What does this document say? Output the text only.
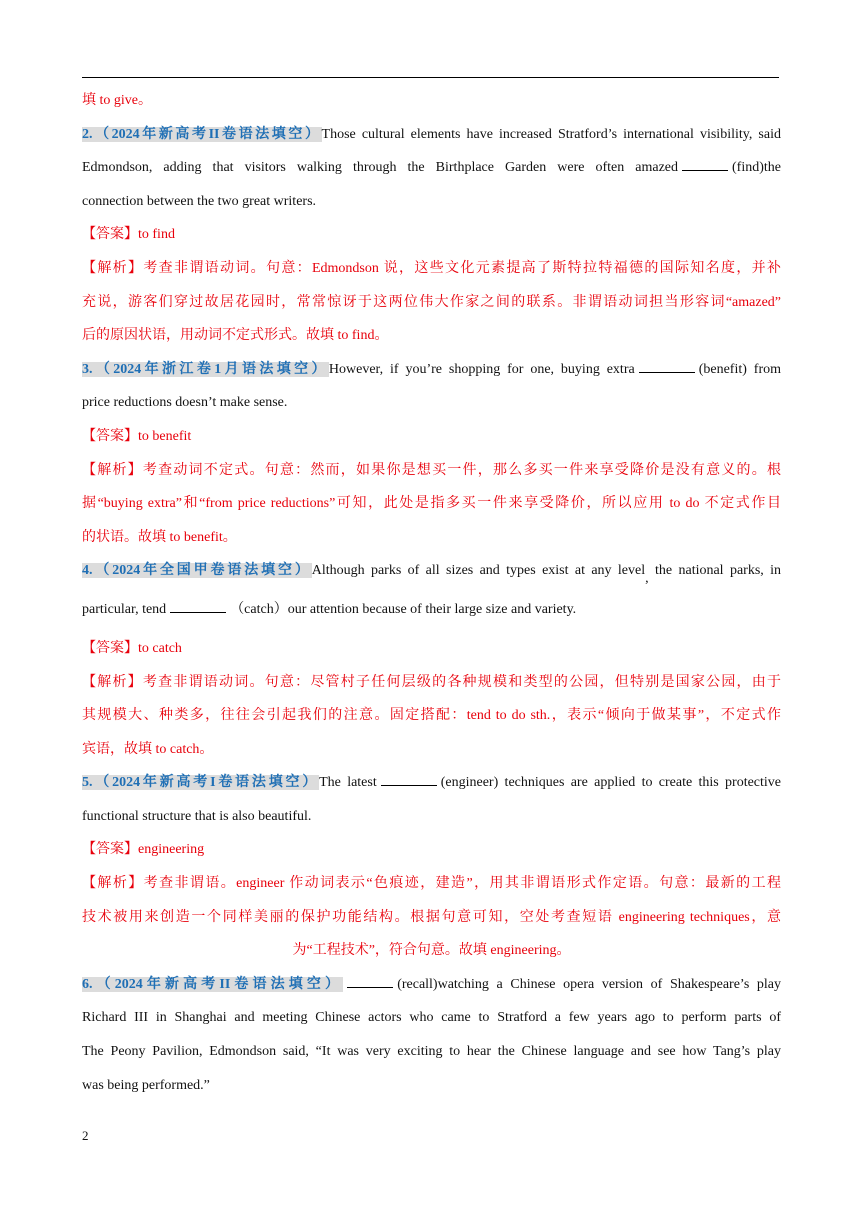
填 to give。
2.（2024年新高考II卷语法填空）Those cultural elements have increased Stratford’s international visibility, said
Edmondson, adding that visitors walking through the Birthplace Garden were often amazed	(find)the
connection between the two great writers.
【答案】to find
【解析】考查非谓语动词。句意：Edmondson 说，这些文化元素提高了斯特拉特福德的国际知名度，并补
充说，游客们穿过故居花园时，常常惊讶于这两位伟大作家之间的联系。非谓语动词担当形容词“amazed”
后的原因状语，用动词不定式形式。故填 to find。
3.（2024年浙江卷1月语法填空）However, if you’re shopping for one, buying extra	(benefit) from
price reductions doesn’t make sense.
【答案】to benefit
【解析】考查动词不定式。句意：然而，如果你是想买一件，那么多买一件来享受降价是没有意义的。根
据“buying extra”和“from price reductions”可知，此处是指多买一件来享受降价，所以应用 to do 不定式作目
的状语。故填 to benefit。
4.（2024年全国甲卷语法填空）Although parks of all sizes and types exist at any level, the national parks, in
particular, tend	（catch）our attention because of their large size and variety.
【答案】to catch
【解析】考查非谓语动词。句意：尽管村子任何层级的各种规模和类型的公园，但特别是国家公园，由于
其规模大、种类多，往往会引起我们的注意。固定搭配：tend to do sth.，表示“倾向于做某事”，不定式作
宾语，故填 to catch。
5.（2024年新高考I卷语法填空）The latest	(engineer) techniques are applied to create this protective
functional structure that is also beautiful.
【答案】engineering
【解析】考查非谓语。engineer 作动词表示“色痕迹，建造”，用其非谓语形式作定语。句意：最新的工程
技术被用来创造一个同样美丽的保护功能结构。根据句意可知，空处考查短语 engineering techniques，意
为“工程技术”，符合句意。故填 engineering。
6.（2024年新高考II卷语法填空）	(recall)watching a Chinese opera version of Shakespeare’s play
Richard III in Shanghai and meeting Chinese actors who came to Stratford a few years ago to perform parts of
The Peony Pavilion, Edmondson said, “It was very exciting to hear the Chinese language and see how Tang’s play
was being performed.”
2
